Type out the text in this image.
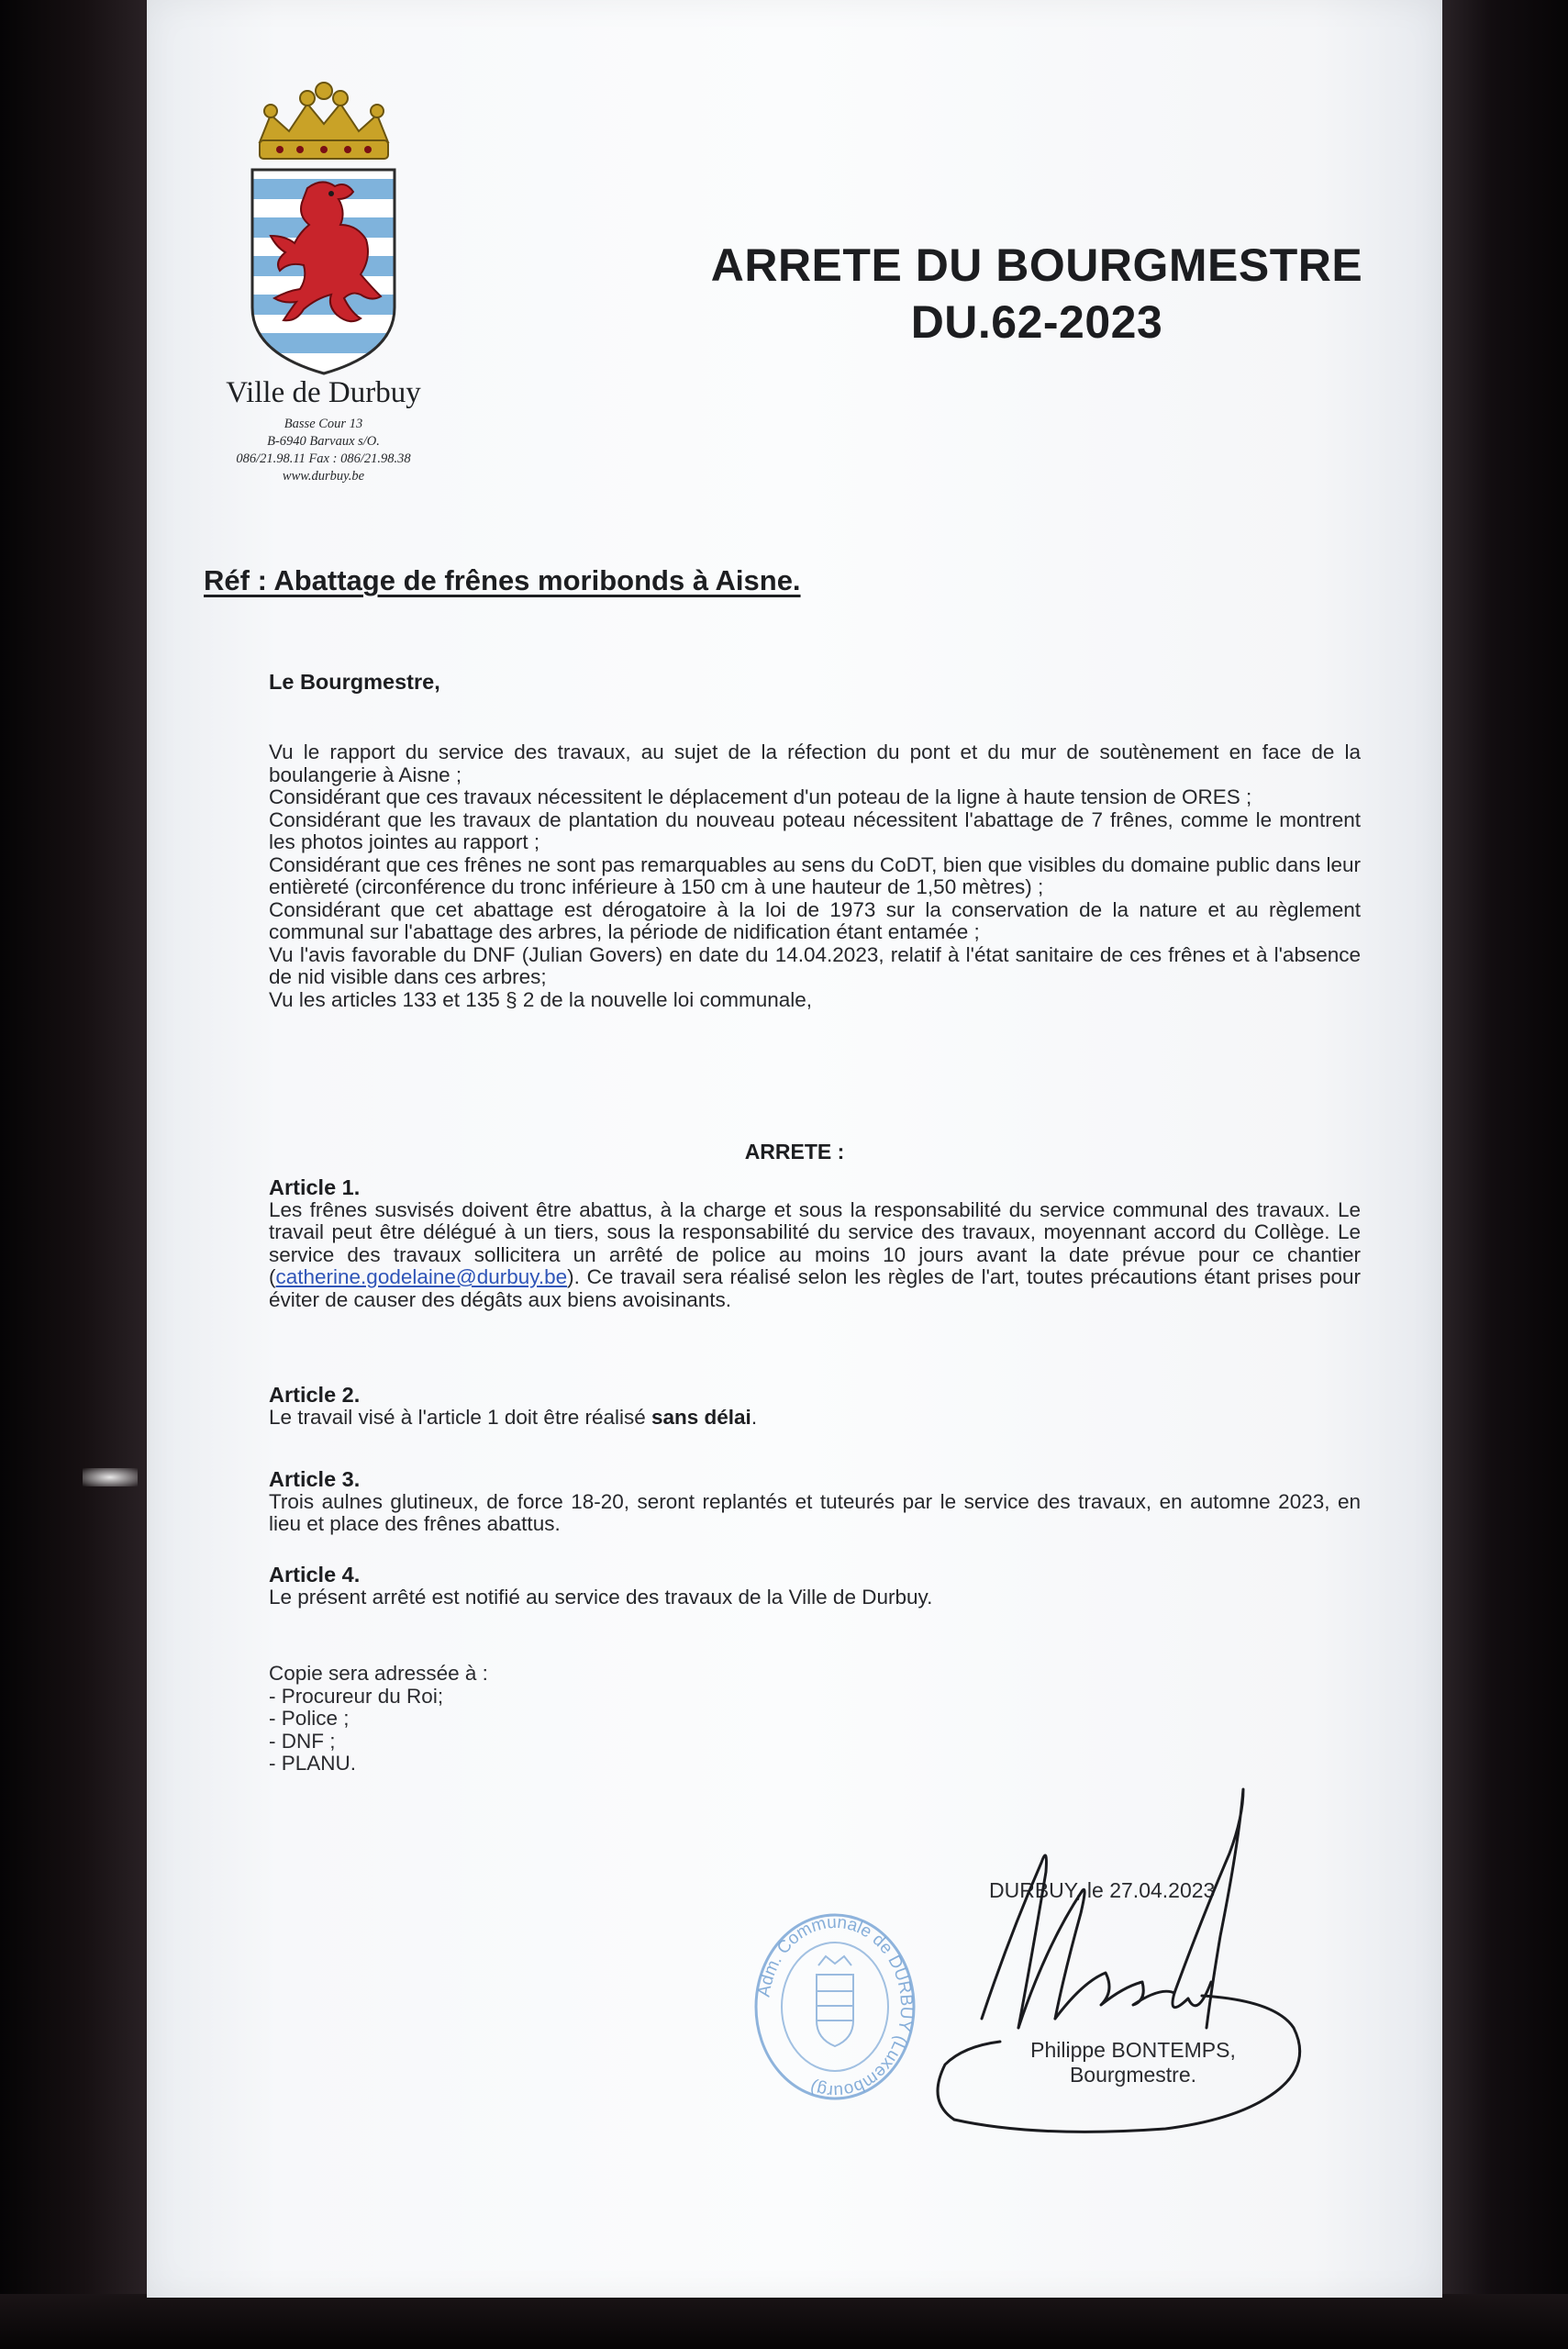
Ville de Durbuy
Basse Cour 13
B-6940 Barvaux s/O.
086/21.98.11 Fax : 086/21.98.38
www.durbuy.be
ARRETE DU BOURGMESTRE
DU.62-2023
Réf : Abattage de frênes moribonds à Aisne.
Le Bourgmestre,

Vu le rapport du service des travaux, au sujet de la réfection du pont et du mur de soutènement en face de la boulangerie à Aisne ;

Considérant que ces travaux nécessitent le déplacement d'un poteau de la ligne à haute tension de ORES ;

Considérant que les travaux de plantation du nouveau poteau nécessitent l'abattage de 7 frênes, comme le montrent les photos jointes au rapport ;

Considérant que ces frênes ne sont pas remarquables au sens du CoDT, bien que visibles du domaine public dans leur entièreté (circonférence du tronc inférieure à 150 cm à une hauteur de 1,50 mètres) ;

Considérant que cet abattage est dérogatoire à la loi de 1973 sur la conservation de la nature et au règlement communal sur l'abattage des arbres, la période de nidification étant entamée ;

Vu l'avis favorable du DNF (Julian Govers) en date du 14.04.2023, relatif à l'état sanitaire de ces frênes et à l'absence de nid visible dans ces arbres;

Vu les articles 133 et 135 § 2 de la nouvelle loi communale,

ARRETE :

Article 1.

Les frênes susvisés doivent être abattus, à la charge et sous la responsabilité du service communal des travaux. Le travail peut être délégué à un tiers, sous la responsabilité du service des travaux, moyennant accord du Collège. Le service des travaux sollicitera un arrêté de police au moins 10 jours avant la date prévue pour ce chantier (catherine.godelaine@durbuy.be). Ce travail sera réalisé selon les règles de l'art, toutes précautions étant prises pour éviter de causer des dégâts aux biens avoisinants.

Article 2.

Le travail visé à l'article 1 doit être réalisé sans délai.

Article 3.

Trois aulnes glutineux, de force 18-20, seront replantés et tuteurés par le service des travaux, en automne 2023, en lieu et place des frênes abattus.

Article 4.

Le présent arrêté est notifié au service des travaux de la Ville de Durbuy.

Copie sera adressée à :
- Procureur du Roi;
- Police ;
- DNF ;
- PLANU.
DURBUY, le 27.04.2023
Adm. Communale de DURBUY (Luxembourg)
Philippe BONTEMPS,
Bourgmestre.
